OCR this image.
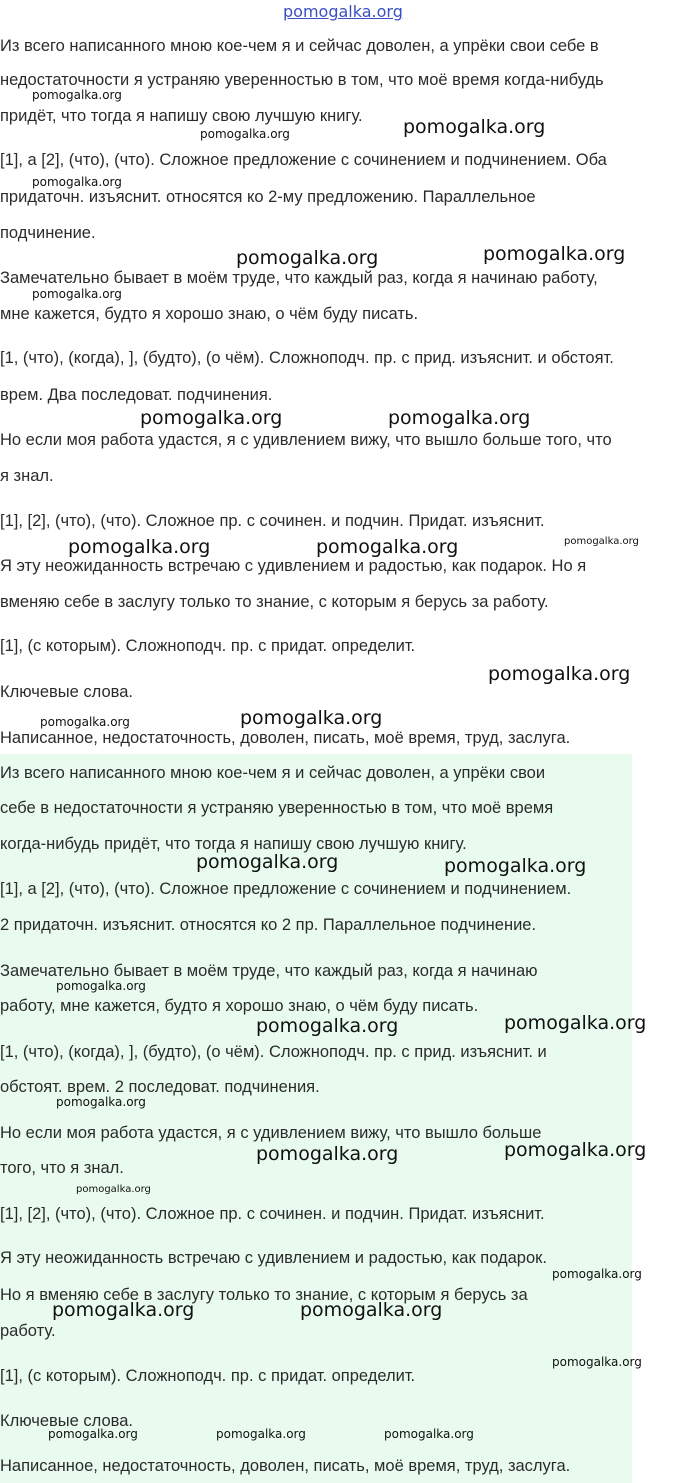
pomogalka.org

Из всего написанного мною кое-чем я и сейчас доволен, а упрёки свои себе в

недостаточности я устраняю уверенностью в том, что моё время когда-нибудь

придёт, что тогда я напишу свою лучшую книгу.

[1], а [2], (что), (что). Сложное предложение с сочинением и подчинением. Оба

придаточн. изъяснит. относятся ко 2-му предложению. Параллельное

подчинение.

Замечательно бывает в моём труде, что каждый раз, когда я начинаю работу,

мне кажется, будто я хорошо знаю, о чём буду писать.

[1, (что), (когда), ], (будто), (о чём). Сложноподч. пр. с прид. изъяснит. и обстоят.

врем. Два последоват. подчинения.

Но если моя работа удастся, я с удивлением вижу, что вышло больше того, что

я знал.

[1], [2], (что), (что). Сложное пр. с сочинен. и подчин. Придат. изъяснит.

Я эту неожиданность встречаю с удивлением и радостью, как подарок. Но я

вменяю себе в заслугу только то знание, с которым я берусь за работу.

[1], (с которым). Сложноподч. пр. с придат. определит.

Ключевые слова.

Написанное, недостаточность, доволен, писать, моё время, труд, заслуга.

Из всего написанного мною кое-чем я и сейчас доволен, а упрёки свои

себе в недостаточности я устраняю уверенностью в том, что моё время

когда-нибудь придёт, что тогда я напишу свою лучшую книгу.

[1], а [2], (что), (что). Сложное предложение с сочинением и подчинением.

2 придаточн. изъяснит. относятся ко 2 пр. Параллельное подчинение.

Замечательно бывает в моём труде, что каждый раз, когда я начинаю

работу, мне кажется, будто я хорошо знаю, о чём буду писать.

[1, (что), (когда), ], (будто), (о чём). Сложноподч. пр. с прид. изъяснит. и

обстоят. врем. 2 последоват. подчинения.

Но если моя работа удастся, я с удивлением вижу, что вышло больше

того, что я знал.

[1], [2], (что), (что). Сложное пр. с сочинен. и подчин. Придат. изъяснит.

Я эту неожиданность встречаю с удивлением и радостью, как подарок.

Но я вменяю себе в заслугу только то знание, с которым я берусь за

работу.

[1], (с которым). Сложноподч. пр. с придат. определит.

Ключевые слова.

Написанное, недостаточность, доволен, писать, моё время, труд, заслуга.

pomogalka.org
pomogalka.org	pomogalka.org
pomogalka.org
pomogalka.org	pomogalka.org
pomogalka.org
pomogalka.org	pomogalka.org
pomogalka.org	pomogalka.org	pomogalka.org
pomogalka.org
pomogalka.org	pomogalka.org
pomogalka.org	pomogalka.org
pomogalka.org
pomogalka.org	pomogalka.org
pomogalka.org
pomogalka.org	pomogalka.org
pomogalka.org
pomogalka.org
pomogalka.org	pomogalka.org
pomogalka.org
pomogalka.org	pomogalka.org	pomogalka.org
